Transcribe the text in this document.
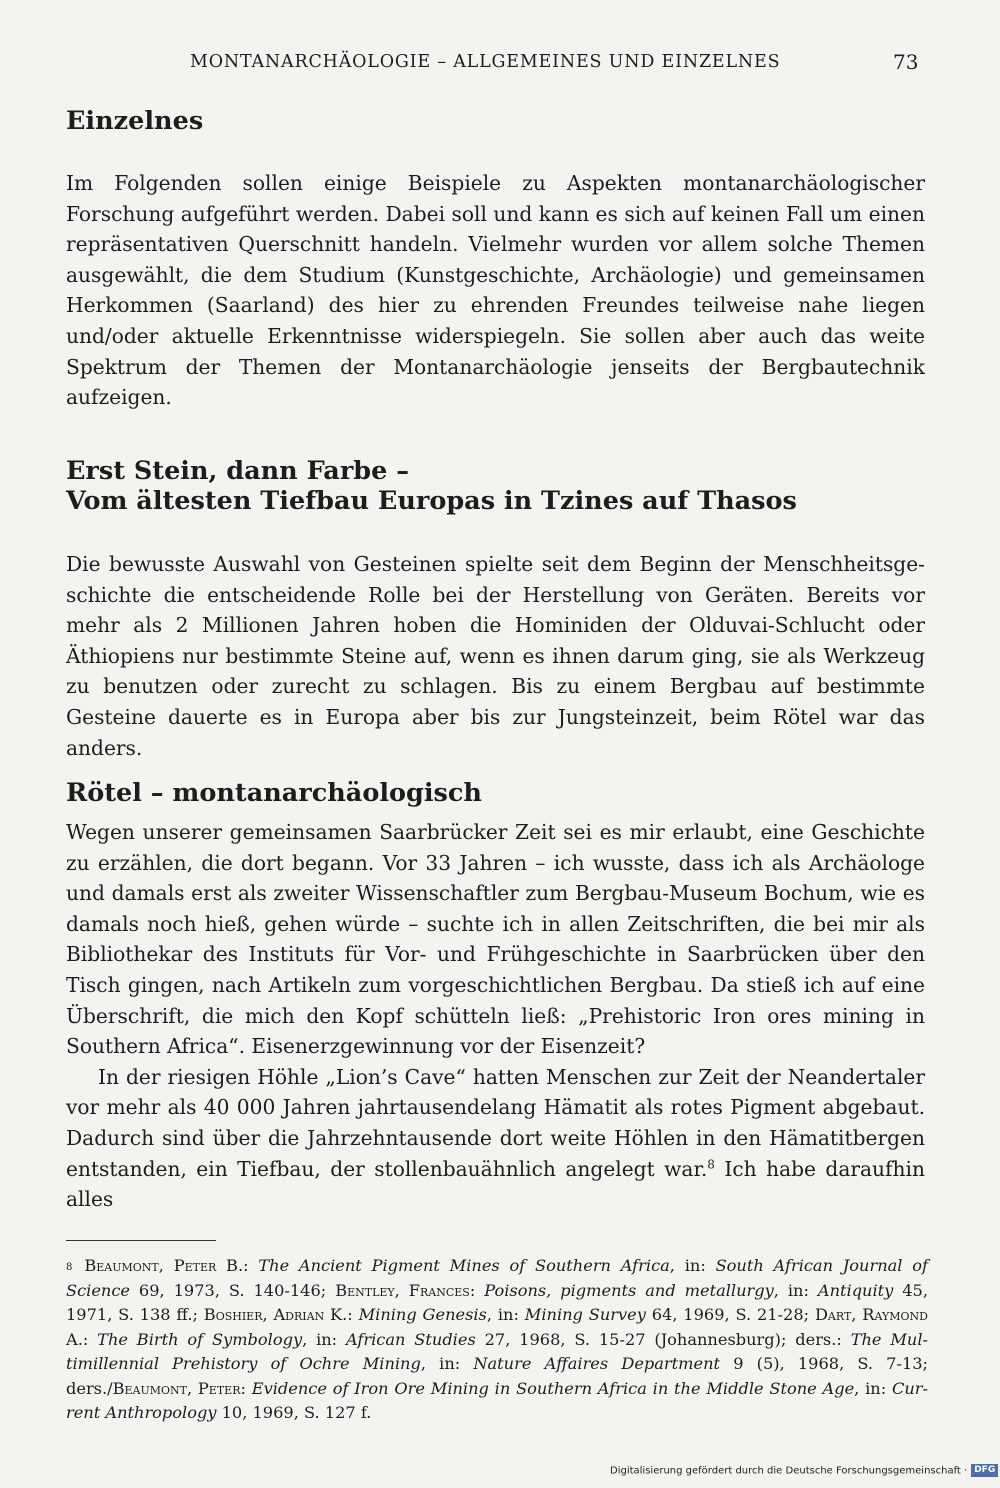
MONTANARCHÄOLOGIE – ALLGEMEINES UND EINZELNES	73
Einzelnes

Im Folgenden sollen einige Beispiele zu Aspekten montanarchäologischer Forschung aufgeführt werden. Dabei soll und kann es sich auf keinen Fall um einen repräsentativen Querschnitt handeln. Vielmehr wurden vor allem solche Themen ausgewählt, die dem Studium (Kunstgeschichte, Archäologie) und gemeinsamen Herkommen (Saarland) des hier zu ehrenden Freundes teilweise nahe liegen und/oder aktuelle Erkenntnisse widerspiegeln. Sie sollen aber auch das weite Spektrum der Themen der Montanarchäologie jenseits der Bergbautechnik aufzeigen.

Erst Stein, dann Farbe –
Vom ältesten Tiefbau Europas in Tzines auf Thasos

Die bewusste Auswahl von Gesteinen spielte seit dem Beginn der Menschheitsgeschichte die entscheidende Rolle bei der Herstellung von Geräten. Bereits vor mehr als 2 Millionen Jahren hoben die Hominiden der Olduvai-Schlucht oder Äthiopiens nur bestimmte Steine auf, wenn es ihnen darum ging, sie als Werkzeug zu benutzen oder zurecht zu schlagen. Bis zu einem Bergbau auf bestimmte Gesteine dauerte es in Europa aber bis zur Jungsteinzeit, beim Rötel war das anders.

Rötel – montanarchäologisch

Wegen unserer gemeinsamen Saarbrücker Zeit sei es mir erlaubt, eine Geschichte zu erzählen, die dort begann. Vor 33 Jahren – ich wusste, dass ich als Archäologe und damals erst als zweiter Wissenschaftler zum Bergbau-Museum Bochum, wie es damals noch hieß, gehen würde – suchte ich in allen Zeitschriften, die bei mir als Bibliothekar des Instituts für Vor- und Frühgeschichte in Saarbrücken über den Tisch gingen, nach Artikeln zum vorgeschichtlichen Bergbau. Da stieß ich auf eine Überschrift, die mich den Kopf schütteln ließ: „Prehistoric Iron ores mining in Southern Africa“. Eisenerzgewinnung vor der Eisenzeit?

In der riesigen Höhle „Lion’s Cave“ hatten Menschen zur Zeit der Neandertaler vor mehr als 40 000 Jahren jahrtausendelang Hämatit als rotes Pigment abgebaut. Dadurch sind über die Jahrzehntausende dort weite Höhlen in den Hämatitbergen entstanden, ein Tiefbau, der stollenbauähnlich angelegt war.$^8$ Ich habe daraufhin alles

$^8$ Beaumont, Peter B.: The Ancient Pigment Mines of Southern Africa, in: South African Journal of Science 69, 1973, S. 140-146; Bentley, Frances: Poisons, pigments and metallurgy, in: Antiquity 45, 1971, S. 138 ff.; Boshier, Adrian K.: Mining Genesis, in: Mining Survey 64, 1969, S. 21-28; Dart, Raymond A.: The Birth of Symbology, in: African Studies 27, 1968, S. 15-27 (Johannesburg); ders.: The Multimillennial Prehistory of Ochre Mining, in: Nature Affaires Department 9 (5), 1968, S. 7-13; ders./Beaumont, Peter: Evidence of Iron Ore Mining in Southern Africa in the Middle Stone Age, in: Current Anthropology 10, 1969, S. 127 f.
Digitalisierung gefördert durch die Deutsche Forschungsgemeinschaft · DFG
